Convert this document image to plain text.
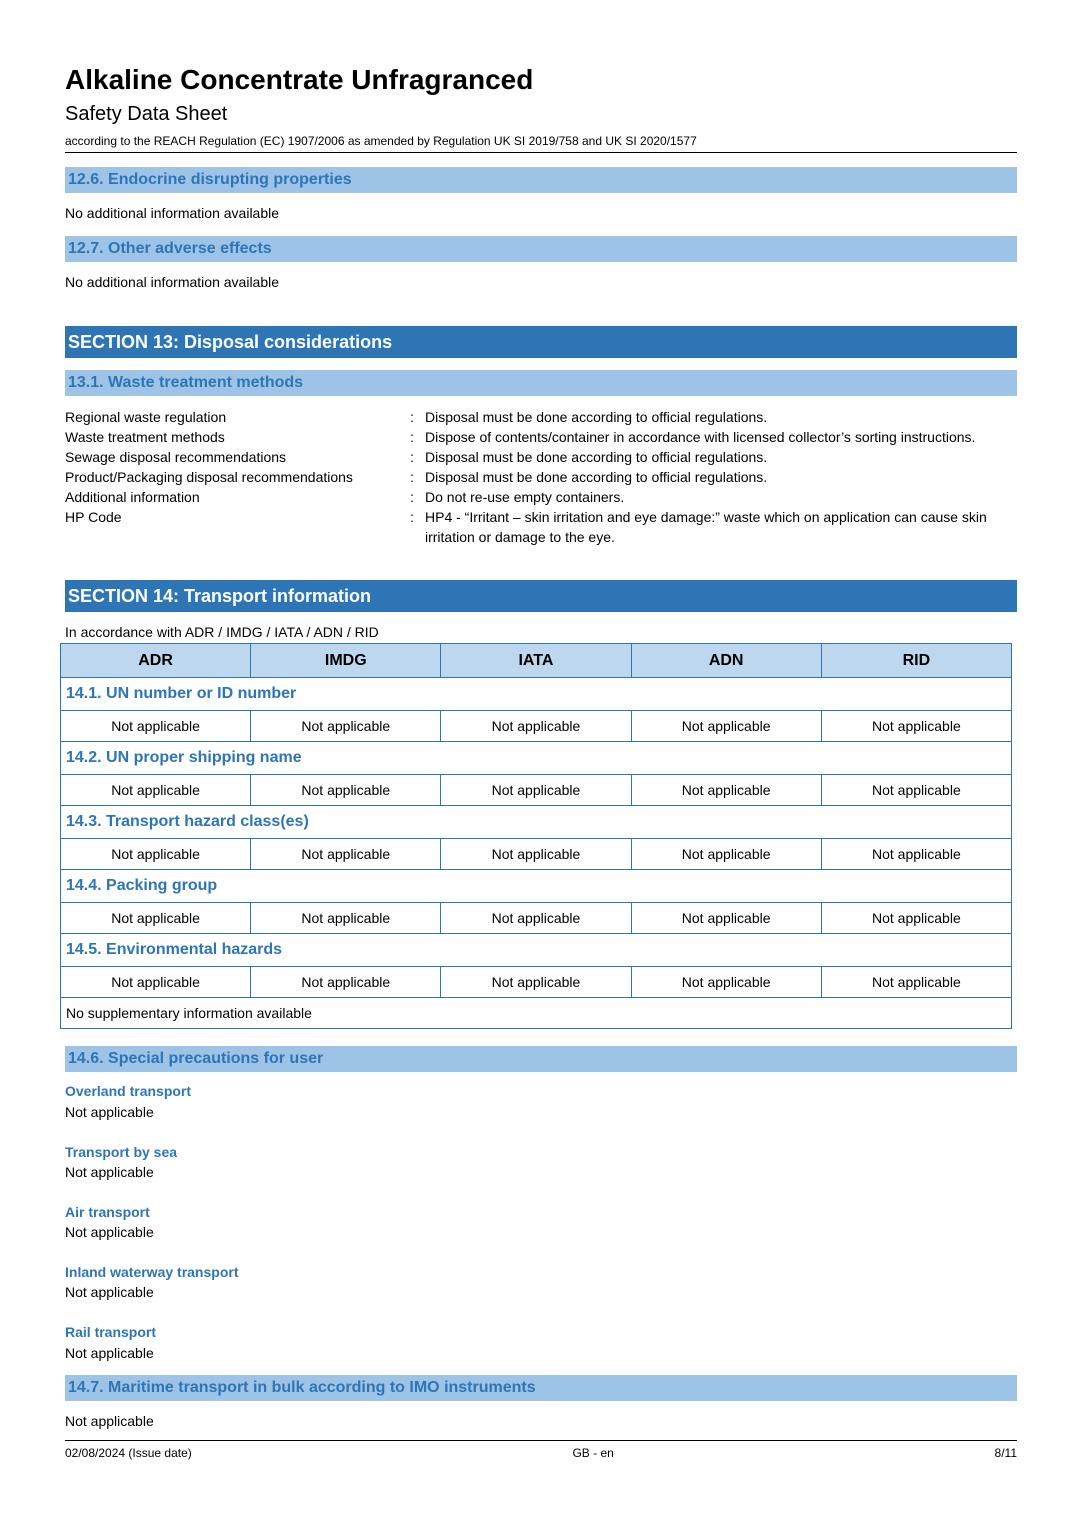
Alkaline Concentrate Unfragranced
Safety Data Sheet
according to the REACH Regulation (EC) 1907/2006 as amended by Regulation UK SI 2019/758 and UK SI 2020/1577
12.6. Endocrine disrupting properties
No additional information available
12.7. Other adverse effects
No additional information available
SECTION 13: Disposal considerations
13.1. Waste treatment methods
Regional waste regulation	: Disposal must be done according to official regulations.
Waste treatment methods	: Dispose of contents/container in accordance with licensed collector’s sorting instructions.
Sewage disposal recommendations	: Disposal must be done according to official regulations.
Product/Packaging disposal recommendations	: Disposal must be done according to official regulations.
Additional information	: Do not re-use empty containers.
HP Code	: HP4 - “Irritant – skin irritation and eye damage:” waste which on application can cause skin irritation or damage to the eye.
SECTION 14: Transport information
In accordance with ADR / IMDG / IATA / ADN / RID
ADR	IMDG	IATA	ADN	RID
14.1. UN number or ID number				
Not applicable	Not applicable	Not applicable	Not applicable	Not applicable
14.2. UN proper shipping name				
Not applicable	Not applicable	Not applicable	Not applicable	Not applicable
14.3. Transport hazard class(es)				
Not applicable	Not applicable	Not applicable	Not applicable	Not applicable
14.4. Packing group				
Not applicable	Not applicable	Not applicable	Not applicable	Not applicable
14.5. Environmental hazards				
Not applicable	Not applicable	Not applicable	Not applicable	Not applicable
No supplementary information available				
14.6. Special precautions for user
Overland transport
Not applicable
Transport by sea
Not applicable
Air transport
Not applicable
Inland waterway transport
Not applicable
Rail transport
Not applicable
14.7. Maritime transport in bulk according to IMO instruments
Not applicable
02/08/2024 (Issue date)	GB - en	8/11
